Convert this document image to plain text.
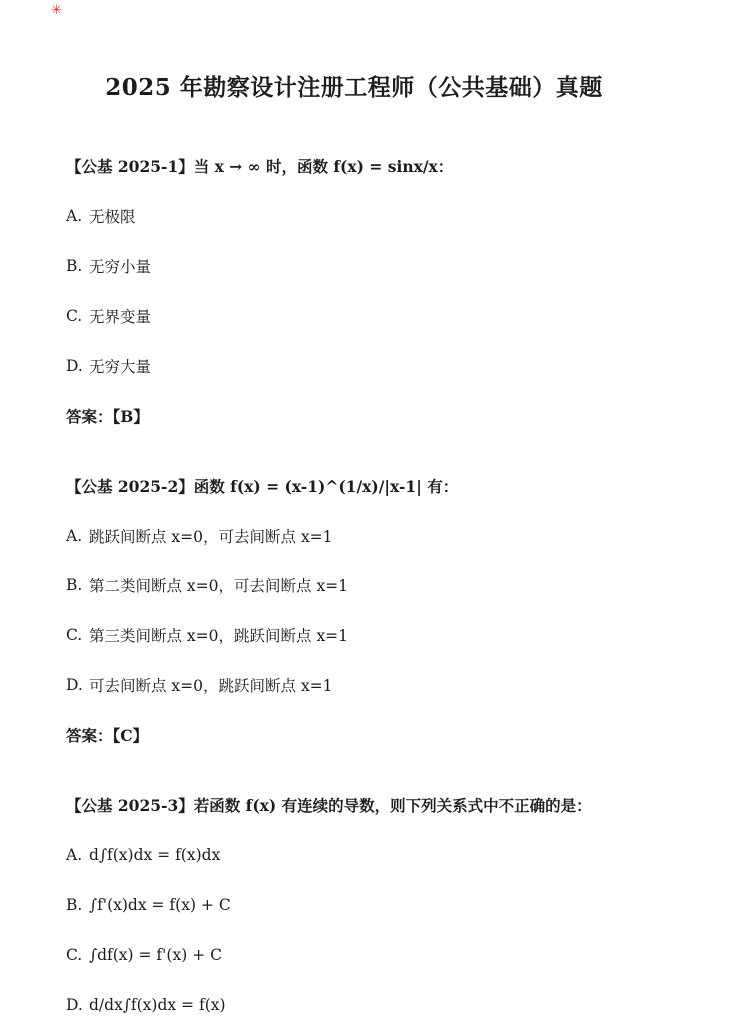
✳
2025 年勘察设计注册工程师（公共基础）真题

【公基 2025-1】当 x → ∞ 时，函数 f(x) = sinx/x：

A. 无极限

B. 无穷小量

C. 无界变量

D. 无穷大量

答案：【B】

【公基 2025-2】函数 f(x) = (x-1)^(1/x)/|x-1| 有：

A. 跳跃间断点 x=0，可去间断点 x=1

B. 第二类间断点 x=0，可去间断点 x=1

C. 第三类间断点 x=0，跳跃间断点 x=1

D. 可去间断点 x=0，跳跃间断点 x=1

答案：【C】

【公基 2025-3】若函数 f(x) 有连续的导数，则下列关系式中不正确的是：

A. d∫f(x)dx = f(x)dx

B. ∫f'(x)dx = f(x) + C

C. ∫df(x) = f'(x) + C

D. d/dx∫f(x)dx = f(x)
